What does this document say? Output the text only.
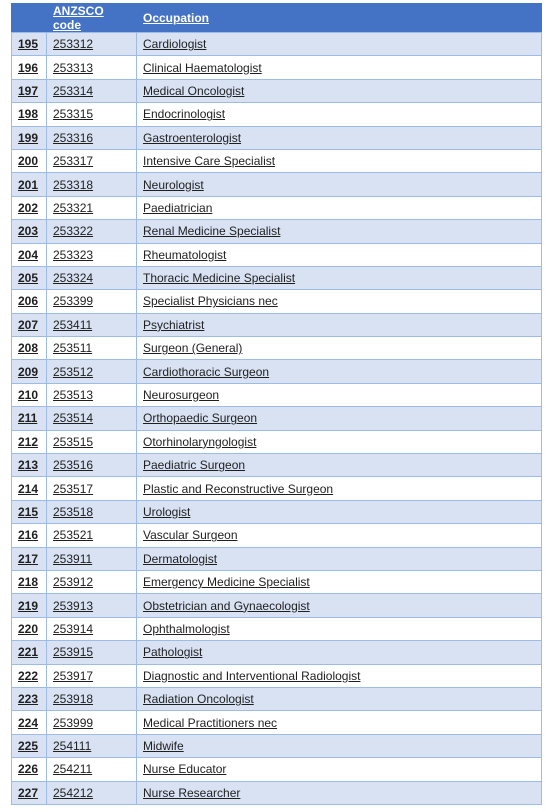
	ANZSCO code	Occupation
195	253312	Cardiologist
196	253313	Clinical Haematologist
197	253314	Medical Oncologist
198	253315	Endocrinologist
199	253316	Gastroenterologist
200	253317	Intensive Care Specialist
201	253318	Neurologist
202	253321	Paediatrician
203	253322	Renal Medicine Specialist
204	253323	Rheumatologist
205	253324	Thoracic Medicine Specialist
206	253399	Specialist Physicians nec
207	253411	Psychiatrist
208	253511	Surgeon (General)
209	253512	Cardiothoracic Surgeon
210	253513	Neurosurgeon
211	253514	Orthopaedic Surgeon
212	253515	Otorhinolaryngologist
213	253516	Paediatric Surgeon
214	253517	Plastic and Reconstructive Surgeon
215	253518	Urologist
216	253521	Vascular Surgeon
217	253911	Dermatologist
218	253912	Emergency Medicine Specialist
219	253913	Obstetrician and Gynaecologist
220	253914	Ophthalmologist
221	253915	Pathologist
222	253917	Diagnostic and Interventional Radiologist
223	253918	Radiation Oncologist
224	253999	Medical Practitioners nec
225	254111	Midwife
226	254211	Nurse Educator
227	254212	Nurse Researcher
